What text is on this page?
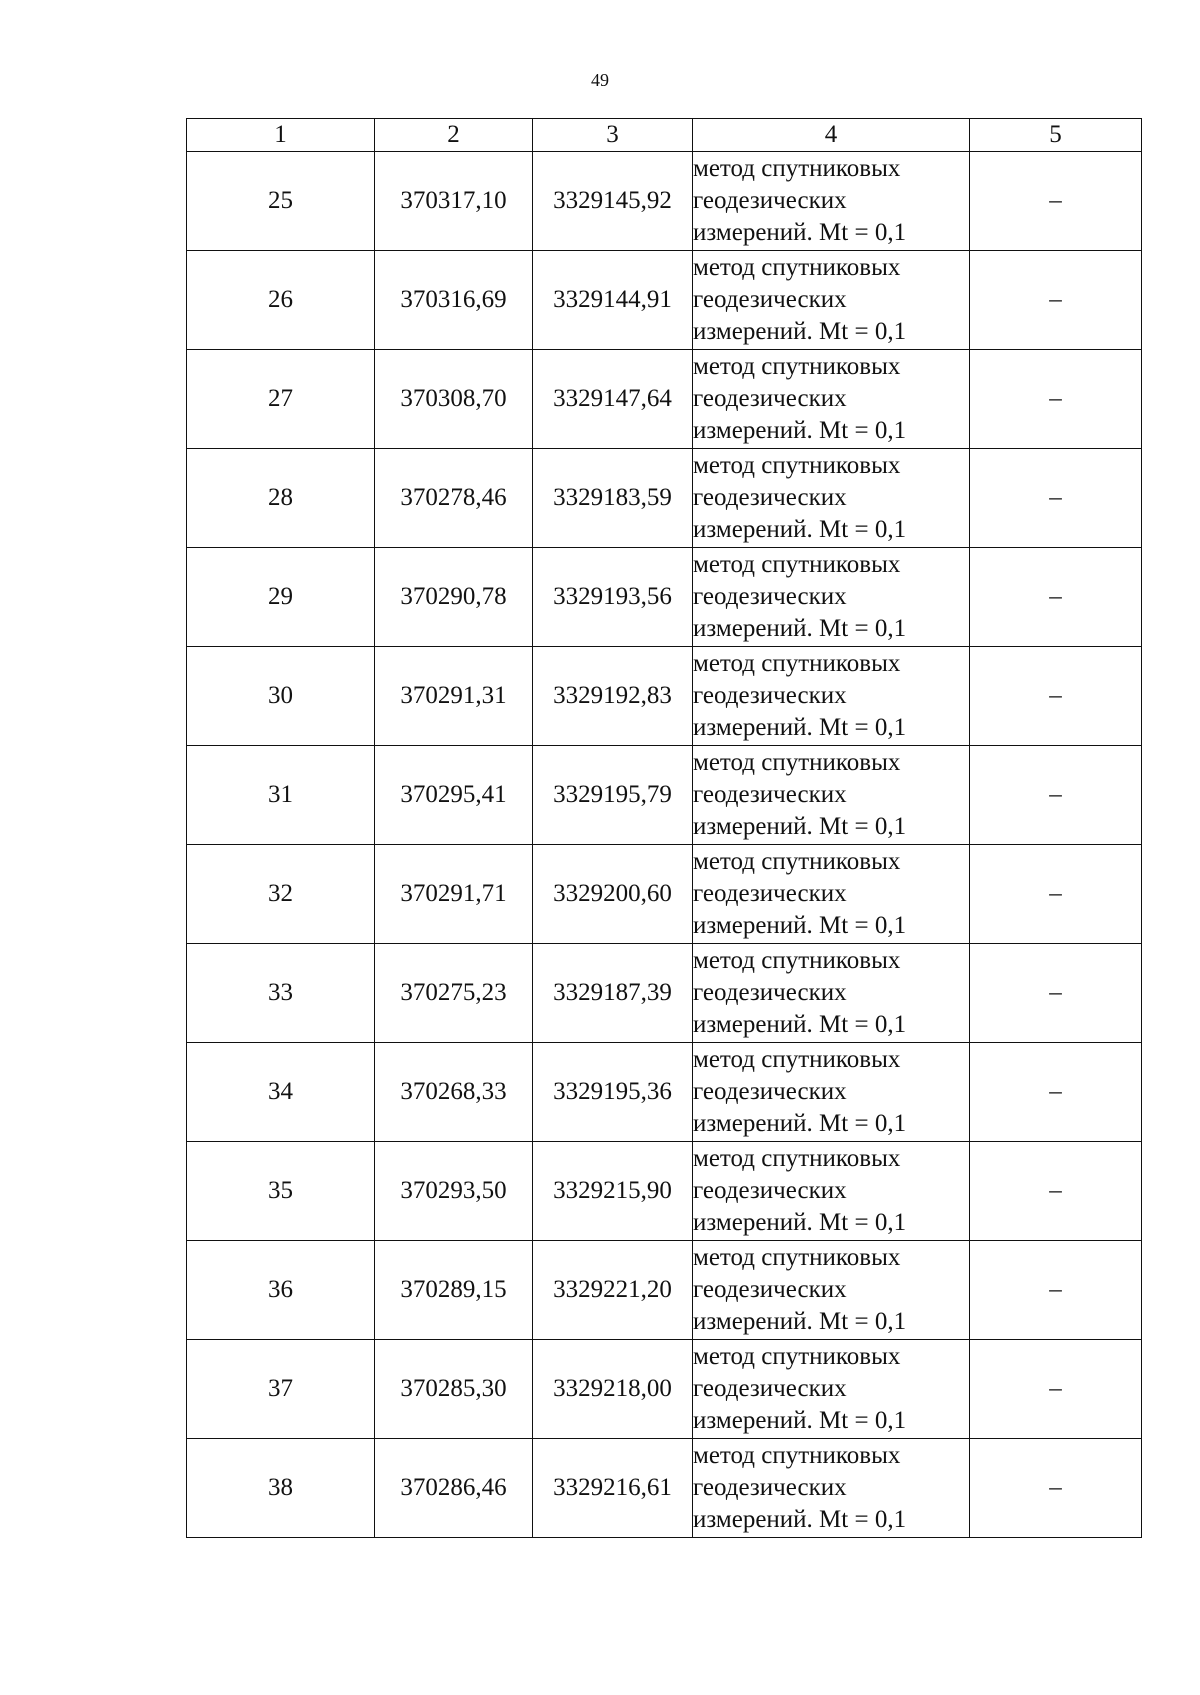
49
1	2	3	4	5
25	370317,10	3329145,92	метод спутниковых
геодезических
измерений. Mt = 0,1	–
26	370316,69	3329144,91	метод спутниковых
геодезических
измерений. Mt = 0,1	–
27	370308,70	3329147,64	метод спутниковых
геодезических
измерений. Mt = 0,1	–
28	370278,46	3329183,59	метод спутниковых
геодезических
измерений. Mt = 0,1	–
29	370290,78	3329193,56	метод спутниковых
геодезических
измерений. Mt = 0,1	–
30	370291,31	3329192,83	метод спутниковых
геодезических
измерений. Mt = 0,1	–
31	370295,41	3329195,79	метод спутниковых
геодезических
измерений. Mt = 0,1	–
32	370291,71	3329200,60	метод спутниковых
геодезических
измерений. Mt = 0,1	–
33	370275,23	3329187,39	метод спутниковых
геодезических
измерений. Mt = 0,1	–
34	370268,33	3329195,36	метод спутниковых
геодезических
измерений. Mt = 0,1	–
35	370293,50	3329215,90	метод спутниковых
геодезических
измерений. Mt = 0,1	–
36	370289,15	3329221,20	метод спутниковых
геодезических
измерений. Mt = 0,1	–
37	370285,30	3329218,00	метод спутниковых
геодезических
измерений. Mt = 0,1	–
38	370286,46	3329216,61	метод спутниковых
геодезических
измерений. Mt = 0,1	–
